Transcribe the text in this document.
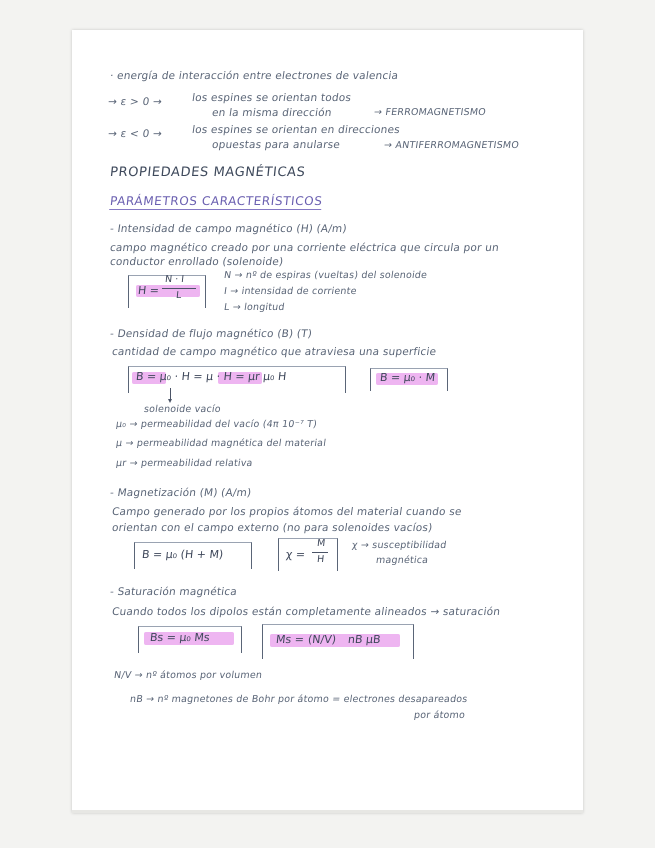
· energía de interacción entre electrones de valencia
→ ε > 0 →	los espines se orientan todos
en la misma dirección	→ FERROMAGNETISMO
→ ε < 0 →	los espines se orientan en direcciones
opuestas para anularse	→ ANTIFERROMAGNETISMO
PROPIEDADES MAGNÉTICAS
PARÁMETROS CARACTERÍSTICOS
- Intensidad de campo magnético (H) (A/m)
campo magnético creado por una corriente eléctrica que circula por un
conductor enrollado (solenoide)
H =
N · I
L
N → nº de espiras (vueltas) del solenoide
I → intensidad de corriente
L → longitud
- Densidad de flujo magnético (B) (T)
cantidad de campo magnético que atraviesa una superficie
B = μ₀ · H = μ · H = μr μ₀ H	B = μ₀ · M
solenoide vacío
μ₀ → permeabilidad del vacío (4π 10⁻⁷ T)
μ → permeabilidad magnética del material
μr → permeabilidad relativa
- Magnetización (M) (A/m)
Campo generado por los propios átomos del material cuando se
orientan con el campo externo (no para solenoides vacíos)
B = μ₀ (H + M)	χ =
M
H
χ → susceptibilidad
magnética
- Saturación magnética
Cuando todos los dipolos están completamente alineados → saturación
Bs = μ₀ Ms	Ms = (N/V) nB μB
N/V → nº átomos por volumen
nB → nº magnetones de Bohr por átomo = electrones desapareados
por átomo
